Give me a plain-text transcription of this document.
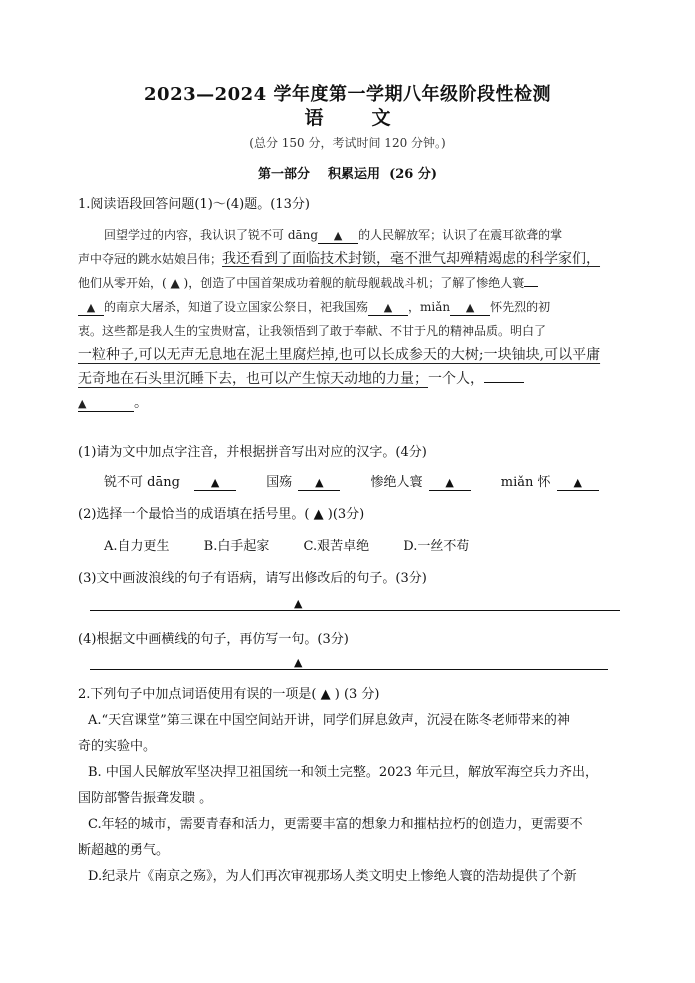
2023—2024 学年度第一学期八年级阶段性检测
语文
(总分 150 分，考试时间 120 分钟。)
第一部分    积累运用  (26 分)
1.阅读语段回答问题(1)～(4)题。(13分)
回望学过的内容，我认识了锐不可 dāng ▲ 的人民解放军；认识了在震耳欲聋的掌
声中夺冠的跳水姑娘吕伟；我还看到了面临技术封锁，毫不泄气却殚精竭虑的科学家们，
他们从零开始，( ▲ )，创造了中国首架成功着舰的航母舰载战斗机；了解了惨绝人寰
▲ 的南京大屠杀，知道了设立国家公祭日，祀我国殇 ▲ ，miǎn ▲ 怀先烈的初
衷。这些都是我人生的宝贵财富，让我领悟到了敢于奉献、不甘于凡的精神品质。明白了
一粒种子,可以无声无息地在泥土里腐烂掉,也可以长成参天的大树;一块铀块,可以平庸
无奇地在石头里沉睡下去，也可以产生惊天动地的力量；一个人，
▲	。
(1)请为文中加点字注音，并根据拼音写出对应的汉字。(4分)
锐不可 dāng	▲	国殇 ▲	惨绝人寰 ▲	miǎn 怀 ▲
(2)选择一个最恰当的成语填在括号里。( ▲ )(3分)
A.自力更生	B.白手起家	C.艰苦卓绝	D.一丝不苟
(3)文中画波浪线的句子有语病，请写出修改后的句子。(3分)
▲
(4)根据文中画横线的句子，再仿写一句。(3分)
▲
2.下列句子中加点词语使用有误的一项是( ▲ ) (3 分)
A.“天宫课堂”第三课在中国空间站开讲，同学们屏息敛声，沉浸在陈冬老师带来的神
奇的实验中。
B. 中国人民解放军坚决捍卫祖国统一和领土完整。2023 年元旦，解放军海空兵力齐出，
国防部警告振聋发聩 。
C.年轻的城市，需要青春和活力，更需要丰富的想象力和摧枯拉朽的创造力，更需要不
断超越的勇气。
D.纪录片《南京之殇》，为人们再次审视那场人类文明史上惨绝人寰的浩劫提供了个新
